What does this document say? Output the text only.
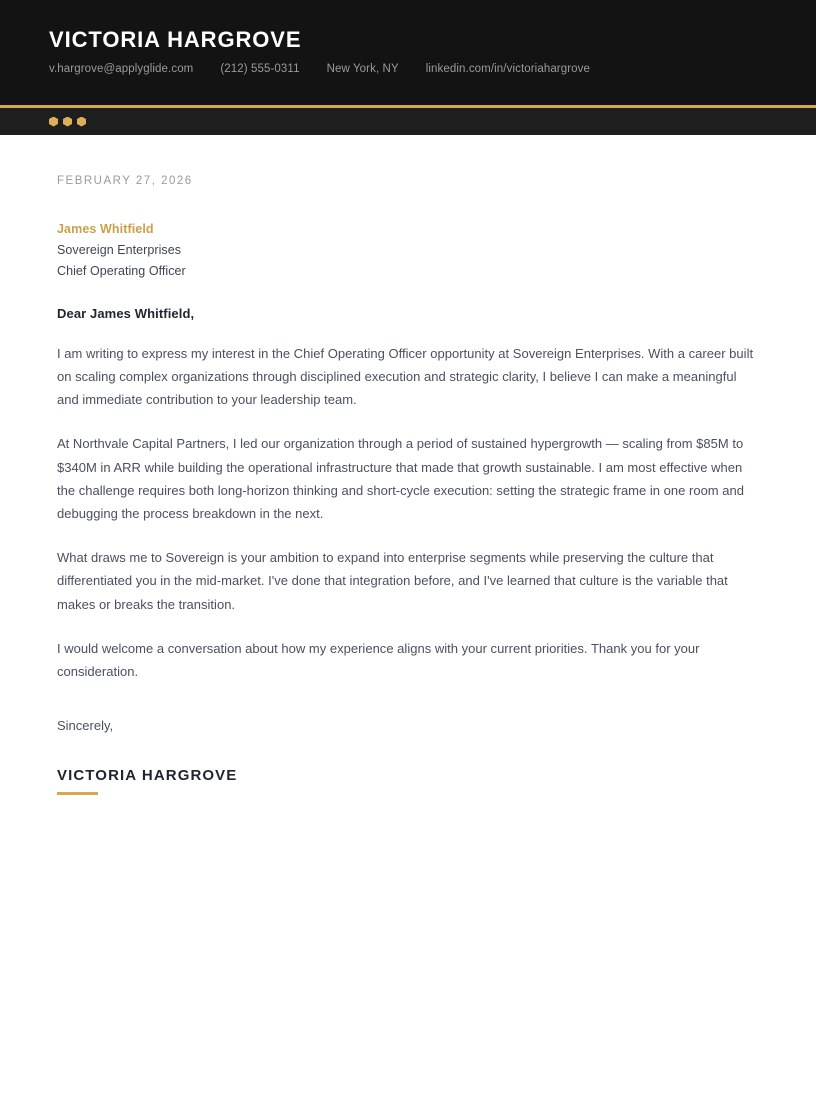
VICTORIA HARGROVE
v.hargrove@applyglide.com (212) 555-0311 New York, NY linkedin.com/in/victoriahargrove
FEBRUARY 27, 2026
James Whitfield
Sovereign Enterprises
Chief Operating Officer
Dear James Whitfield,

I am writing to express my interest in the Chief Operating Officer opportunity at Sovereign Enterprises. With a career built on scaling complex organizations through disciplined execution and strategic clarity, I believe I can make a meaningful and immediate contribution to your leadership team.

At Northvale Capital Partners, I led our organization through a period of sustained hypergrowth — scaling from $85M to $340M in ARR while building the operational infrastructure that made that growth sustainable. I am most effective when the challenge requires both long-horizon thinking and short-cycle execution: setting the strategic frame in one room and debugging the process breakdown in the next.

What draws me to Sovereign is your ambition to expand into enterprise segments while preserving the culture that differentiated you in the mid-market. I've done that integration before, and I've learned that culture is the variable that makes or breaks the transition.

I would welcome a conversation about how my experience aligns with your current priorities. Thank you for your consideration.

Sincerely,
VICTORIA HARGROVE
